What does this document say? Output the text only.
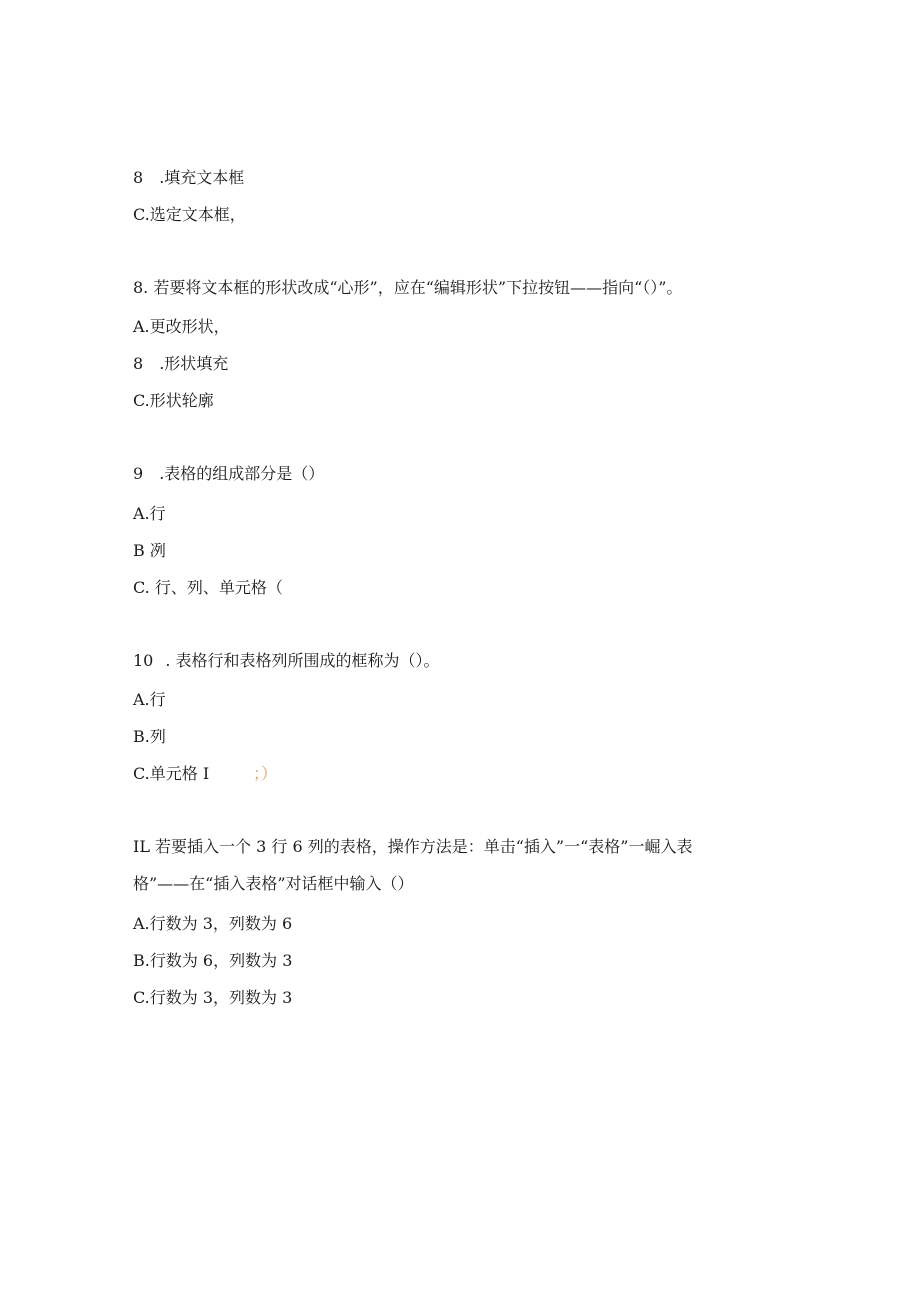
8 .填充文本框
C.选定文本框，
8. 若要将文本框的形状改成“心形”，应在“编辑形状”下拉按钮——指向“（）”。
A.更改形状，
8 .形状填充
C.形状轮廓
9 .表格的组成部分是（）
A.行
B 冽
C. 行、列、单元格（
10 . 表格行和表格列所围成的框称为（）。
A.行
B.列
C.单元格 I	；）
IL 若要插入一个 3 行 6 列的表格，操作方法是：单击“插入”一“表格”一崛入表
格”——在“插入表格”对话框中输入（）
A.行数为 3，列数为 6
B.行数为 6，列数为 3
C.行数为 3，列数为 3
